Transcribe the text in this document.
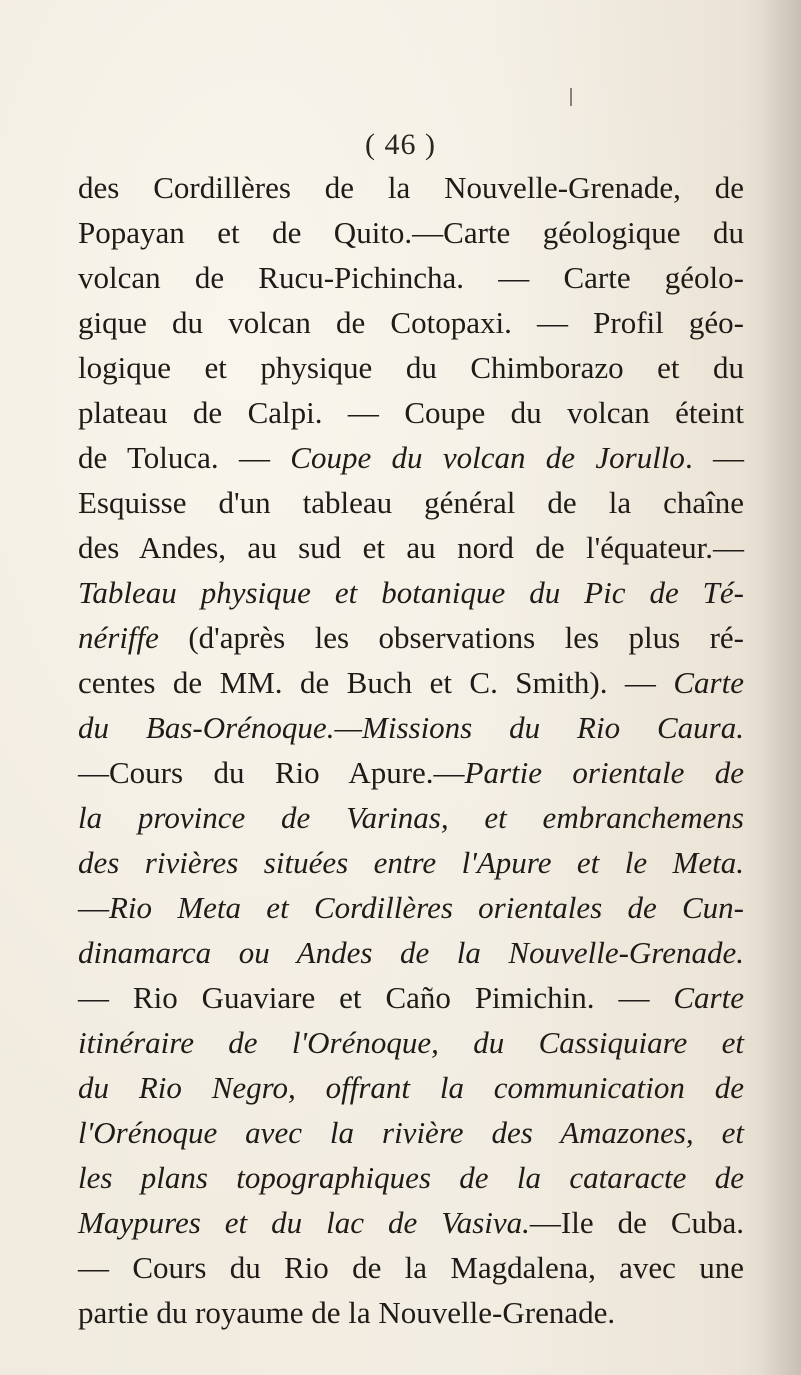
( 46 )
des Cordillères de la Nouvelle-Grenade, de
Popayan et de Quito.—Carte géologique du
volcan de Rucu-Pichincha. — Carte géolo-
gique du volcan de Cotopaxi. — Profil géo-
logique et physique du Chimborazo et du
plateau de Calpi. — Coupe du volcan éteint
de Toluca. — Coupe du volcan de Jorullo. —
Esquisse d'un tableau général de la chaîne
des Andes, au sud et au nord de l'équateur.—
Tableau physique et botanique du Pic de Té-
nériffe (d'après les observations les plus ré-
centes de MM. de Buch et C. Smith). — Carte
du Bas-Orénoque.—Missions du Rio Caura.
—Cours du Rio Apure.—Partie orientale de
la province de Varinas, et embranchemens
des rivières situées entre l'Apure et le Meta.
—Rio Meta et Cordillères orientales de Cun-
dinamarca ou Andes de la Nouvelle-Grenade.
— Rio Guaviare et Caño Pimichin. — Carte
itinéraire de l'Orénoque, du Cassiquiare et
du Rio Negro, offrant la communication de
l'Orénoque avec la rivière des Amazones, et
les plans topographiques de la cataracte de
Maypures et du lac de Vasiva.—Ile de Cuba.
— Cours du Rio de la Magdalena, avec une
partie du royaume de la Nouvelle-Grenade.
